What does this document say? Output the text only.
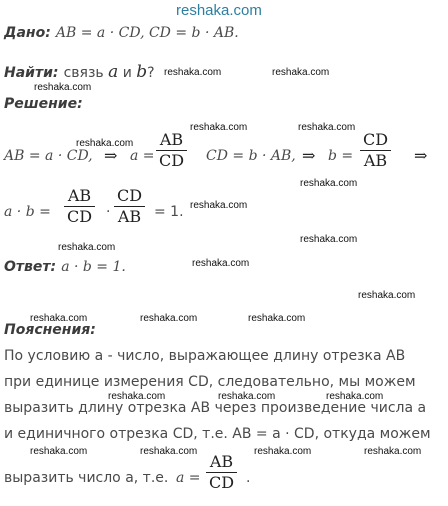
reshaka.com
Дано: AB = a · CD, CD = b · AB.
Найти: связь a и b?
Решение:
AB = a · CD, ⇒ a =
AB
CD CD = b · AB, ⇒ b =
CD
AB ⇒
a · b =
AB
CD ·
CD
AB = 1.
Ответ: a · b = 1.
Пояснения:
По условию a - число, выражающее длину отрезка AB
при единице измерения CD, следовательно, мы можем
выразить длину отрезка AB через произведение числа a
и единичного отрезка CD, т.е. AB = a · CD, откуда можем
выразить число a, т.е. a =
AB
CD .
reshaka.com	reshaka.com
reshaka.com
reshaka.com	reshaka.com
reshaka.com
reshaka.com
reshaka.com
reshaka.com
reshaka.com
reshaka.com
reshaka.com
reshaka.com	reshaka.com	reshaka.com
reshaka.com	reshaka.com	reshaka.com
reshaka.com	reshaka.com	reshaka.com	reshaka.com
